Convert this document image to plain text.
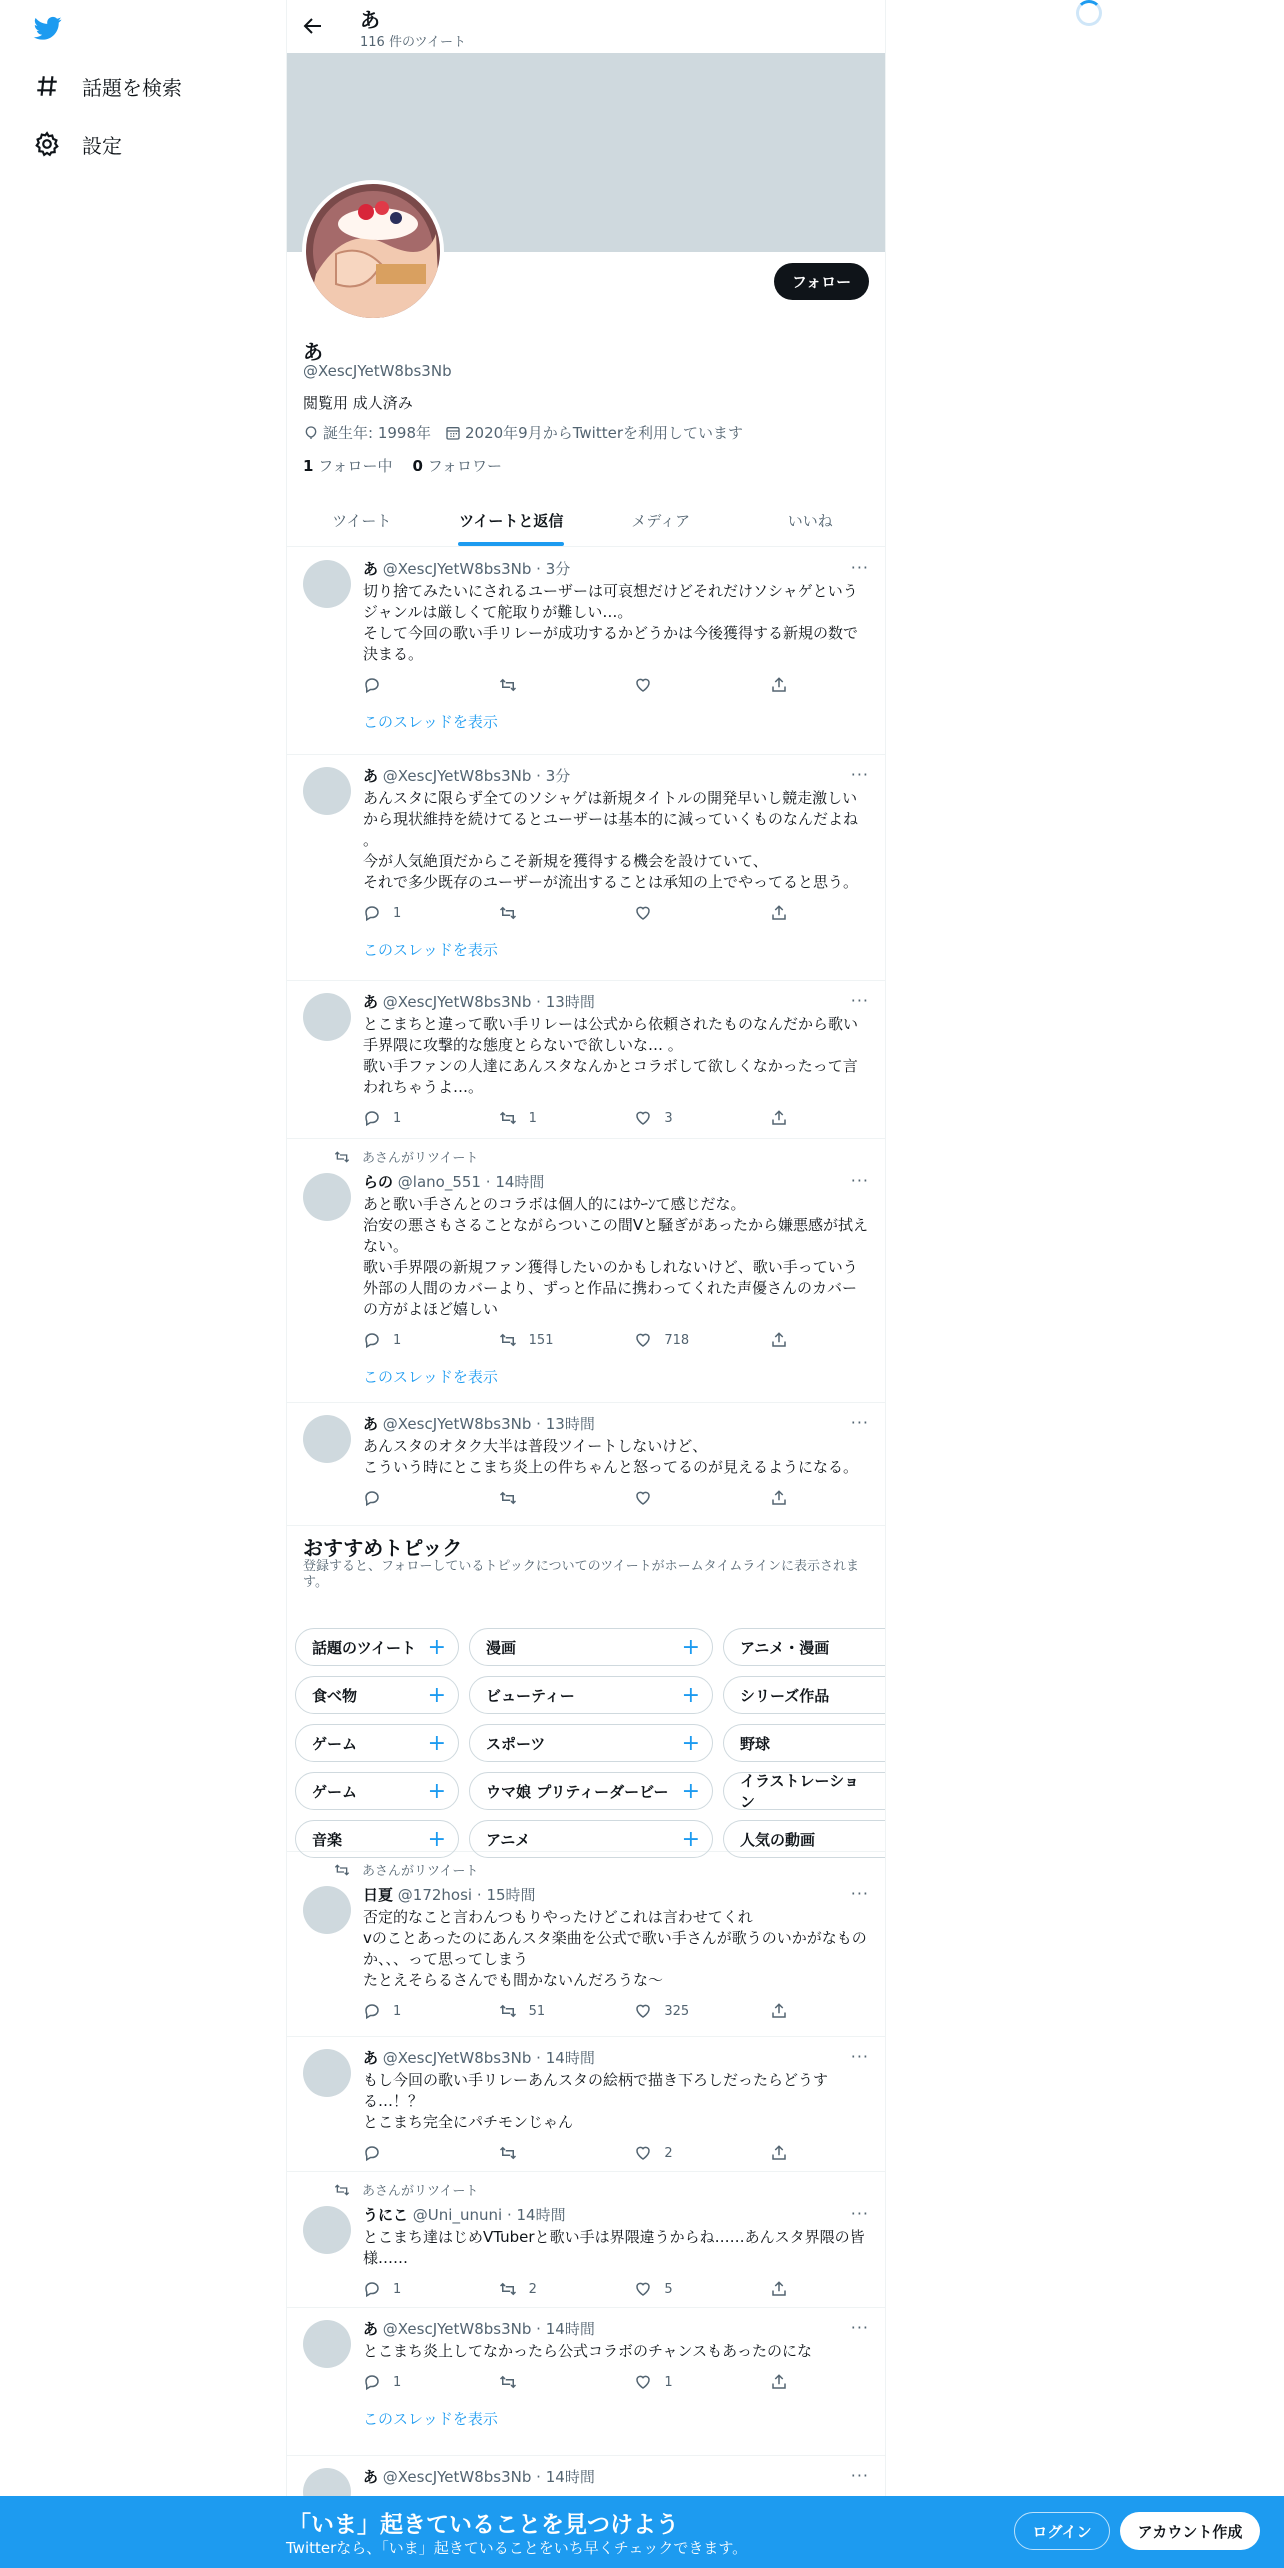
話題を検索
設定
あ
116 件のツイート
フォロー
あ
@XescJYetW8bs3Nb
閲覧用 成人済み
誕生年: 1998年 2020年9月からTwitterを利用しています
1 フォロー中 0 フォロワー
ツイート	ツイートと返信	メディア	いいね
あ @XescJYetW8bs3Nb · 3分	···
切り捨てみたいにされるユーザーは可哀想だけどそれだけソシャゲという
ジャンルは厳しくて舵取りが難しい…。
そして今回の歌い手リレーが成功するかどうかは今後獲得する新規の数で
決まる。
このスレッドを表示
あ @XescJYetW8bs3Nb · 3分	···
あんスタに限らず全てのソシャゲは新規タイトルの開発早いし競走激しい
から現状維持を続けてるとユーザーは基本的に減っていくものなんだよね
。
今が人気絶頂だからこそ新規を獲得する機会を設けていて、
それで多少既存のユーザーが流出することは承知の上でやってると思う。
1
このスレッドを表示
あ @XescJYetW8bs3Nb · 13時間	···
とこまちと違って歌い手リレーは公式から依頼されたものなんだから歌い
手界隈に攻撃的な態度とらないで欲しいな… 。
歌い手ファンの人達にあんスタなんかとコラボして欲しくなかったって言
われちゃうよ…。
1	1	3
あさんがリツイート
らの @lano_551 · 14時間	···
あと歌い手さんとのコラボは個人的にはｳｰﾝて感じだな。
治安の悪さもさることながらついこの間Vと騒ぎがあったから嫌悪感が拭え
ない。
歌い手界隈の新規ファン獲得したいのかもしれないけど、歌い手っていう
外部の人間のカバーより、ずっと作品に携わってくれた声優さんのカバー
の方がよほど嬉しい
1	151	718
このスレッドを表示
あ @XescJYetW8bs3Nb · 13時間	···
あんスタのオタク大半は普段ツイートしないけど、
こういう時にとこまち炎上の件ちゃんと怒ってるのが見えるようになる。
あさんがリツイート
日夏 @172hosi · 15時間	···
否定的なこと言わんつもりやったけどこれは言わせてくれ
vのことあったのにあんスタ楽曲を公式で歌い手さんが歌うのいかがなもの
か、、、って思ってしまう
たとえそらるさんでも間かないんだろうな〜
1	51	325
あ @XescJYetW8bs3Nb · 14時間	···
もし今回の歌い手リレーあんスタの絵柄で描き下ろしだったらどうす
る…！？
とこまち完全にパチモンじゃん
2
あさんがリツイート
うにこ @Uni_ununi · 14時間	···
とこまち達はじめVTuberと歌い手は界隈違うからね……あんスタ界隈の皆
様……
1	2	5
あ @XescJYetW8bs3Nb · 14時間	···
とこまち炎上してなかったら公式コラボのチャンスもあったのにな
1	1
このスレッドを表示
あ @XescJYetW8bs3Nb · 14時間	···
おすすめトピック
登録すると、フォローしているトピックについてのツイートがホームタイムラインに表示されま
す。
話題のツイート +	漫画	+	アニメ・漫画
食べ物	+	ビューティー	+	シリーズ作品
ゲーム	+	スポーツ	+	野球
ゲーム	+	ウマ娘 プリティーダービー +	イラストレーション
音楽	+	アニメ	+	人気の動画
「いま」起きていることを見つけよう
Twitterなら、「いま」起きていることをいち早くチェックできます。
ログイン	アカウント作成
